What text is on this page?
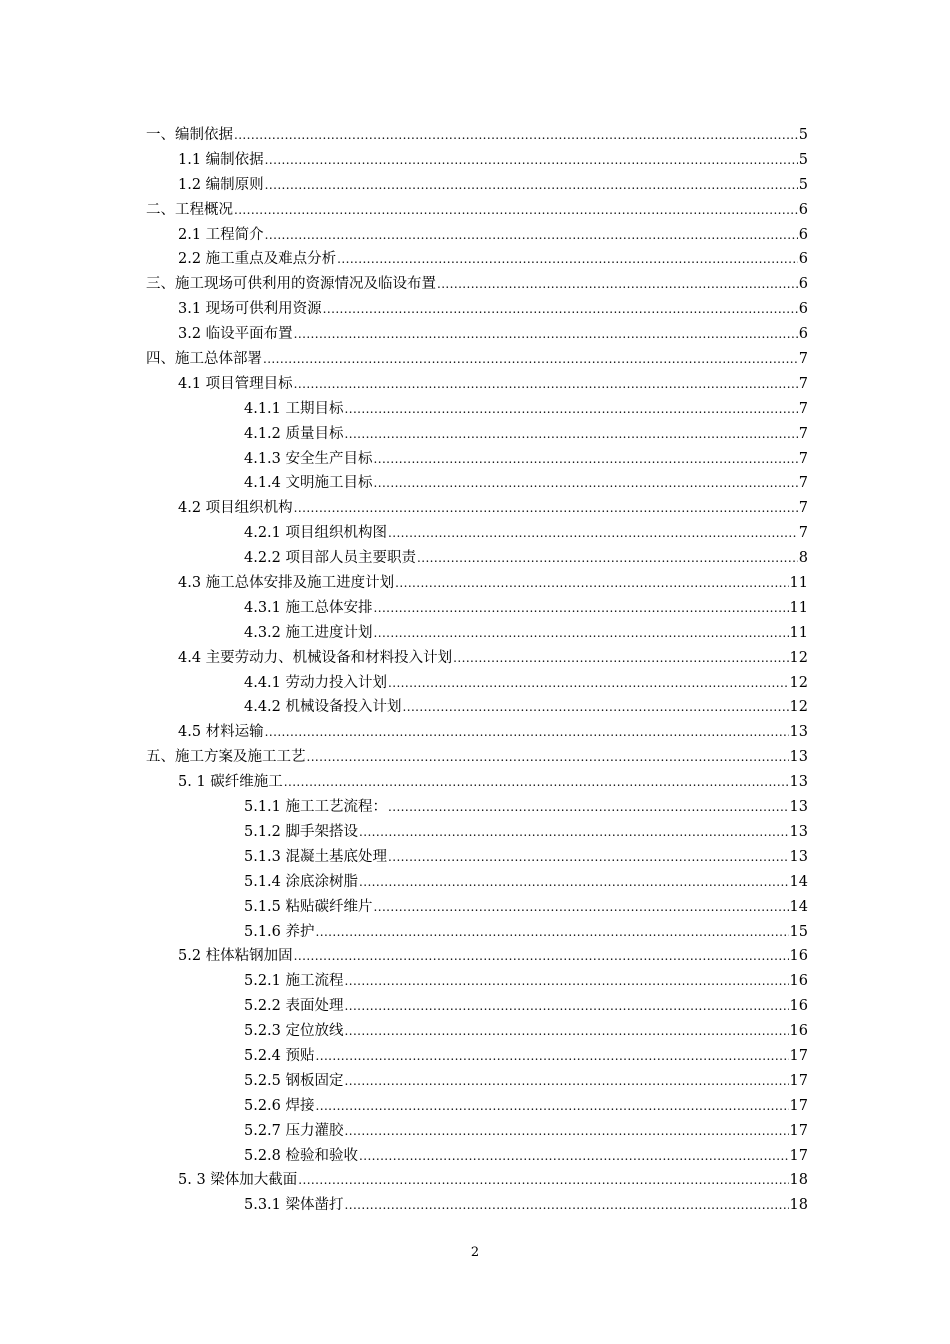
一、编制依据 .....	5
1.1 编制依据 .....	5
1.2 编制原则 .....	5
二、工程概况 .....	6
2.1 工程简介 .....	6
2.2 施工重点及难点分析 .....	6
三、施工现场可供利用的资源情况及临设布置 .....	6
3.1 现场可供利用资源 .....	6
3.2 临设平面布置 .....	6
四、施工总体部署 .....	7
4.1 项目管理目标 .....	7
4.1.1 工期目标 .....	7
4.1.2 质量目标 .....	7
4.1.3 安全生产目标 .....	7
4.1.4 文明施工目标 .....	7
4.2 项目组织机构 .....	7
4.2.1 项目组织机构图 .....	7
4.2.2 项目部人员主要职责 .....	8
4.3 施工总体安排及施工进度计划 .....	11
4.3.1 施工总体安排 .....	11
4.3.2 施工进度计划 .....	11
4.4 主要劳动力、机械设备和材料投入计划 .....	12
4.4.1 劳动力投入计划 .....	12
4.4.2 机械设备投入计划 .....	12
4.5 材料运输 .....	13
五、施工方案及施工工艺 .....	13
5. 1 碳纤维施工 .....	13
5.1.1 施工工艺流程： .....	13
5.1.2 脚手架搭设 .....	13
5.1.3 混凝土基底处理 .....	13
5.1.4 涂底涂树脂 .....	14
5.1.5 粘贴碳纤维片 .....	14
5.1.6 养护 .....	15
5.2 柱体粘钢加固 .....	16
5.2.1 施工流程 .....	16
5.2.2 表面处理 .....	16
5.2.3 定位放线 .....	16
5.2.4 预贴 .....	17
5.2.5 钢板固定 .....	17
5.2.6 焊接 .....	17
5.2.7 压力灌胶 .....	17
5.2.8 检验和验收 .....	17
5. 3 梁体加大截面 .....	18
5.3.1 梁体凿打 .....	18
2
